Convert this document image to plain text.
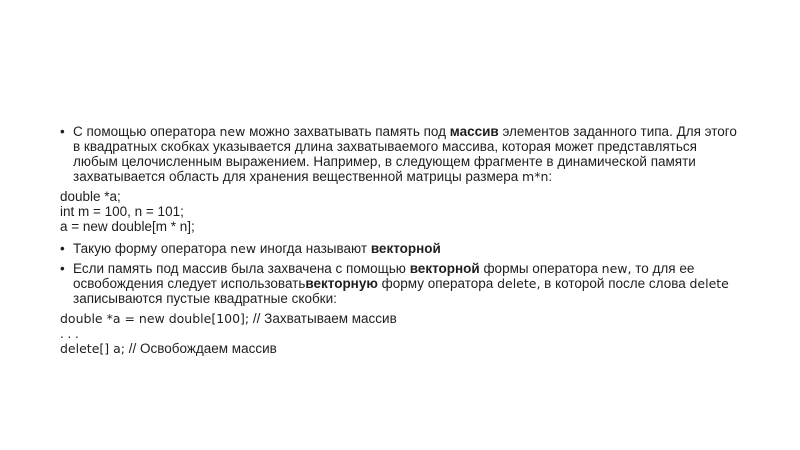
• С помощью оператора new можно захватывать память под массив элементов заданного типа. Для этого в квадратных скобках указывается длина захватываемого массива, которая может представляться любым целочисленным выражением. Например, в следующем фрагменте в динамической памяти захватывается область для хранения вещественной матрицы размера m*n:
double *a;
int m = 100, n = 101;
a = new double[m * n];
• Такую форму оператора new иногда называют векторной
• Если память под массив была захвачена с помощью векторной формы оператора new, то для ее освобождения следует использоватьвекторную форму оператора delete, в которой после слова delete записываются пустые квадратные скобки:
double *a = new double[100]; // Захватываем массив
. . .
delete[] a; // Освобождаем массив
